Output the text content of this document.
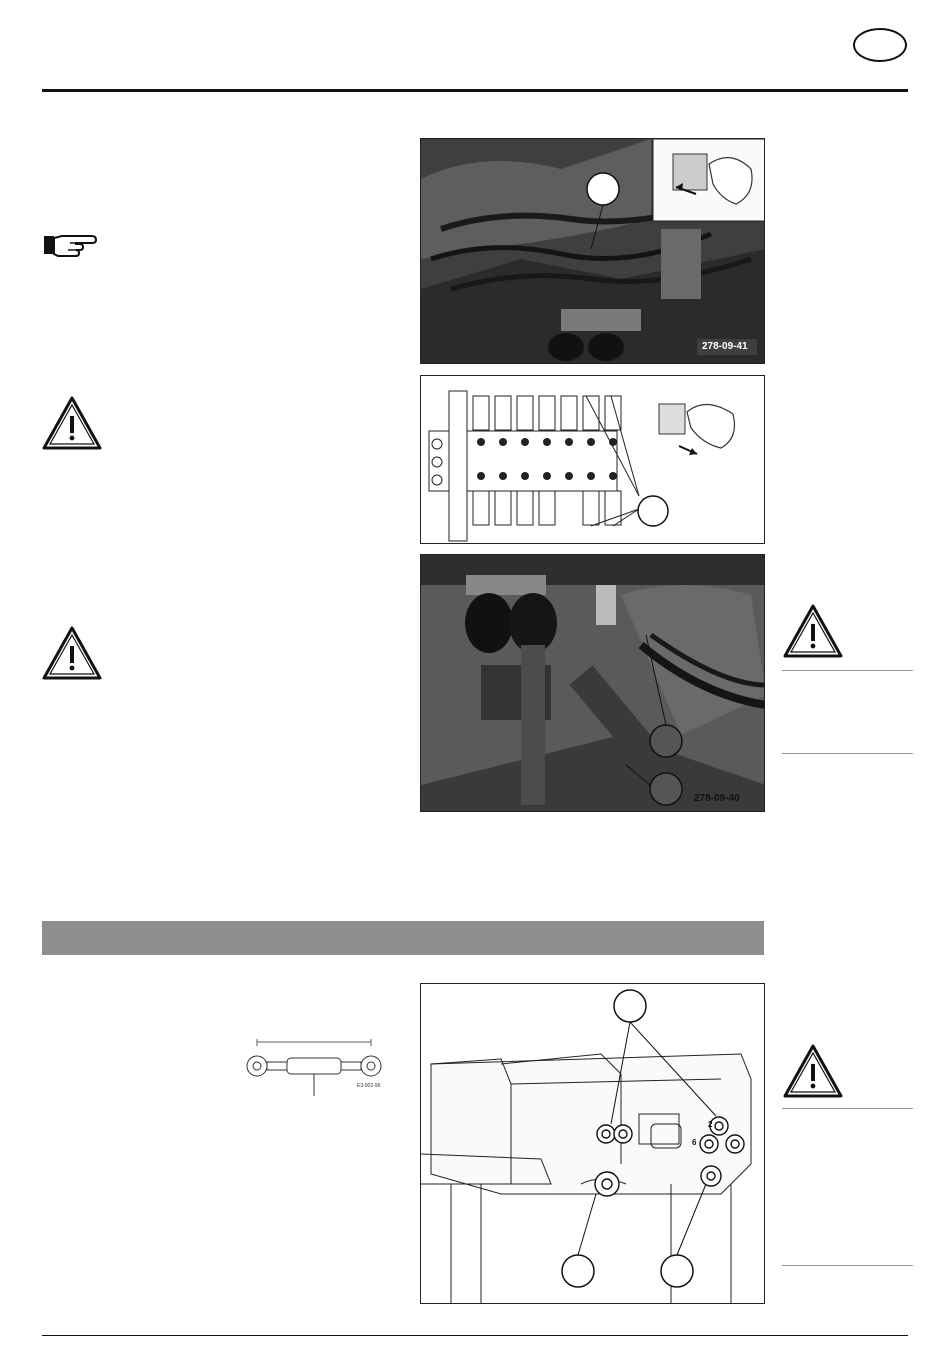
278-09-41
278-09-40
E3-002-96
2
6
